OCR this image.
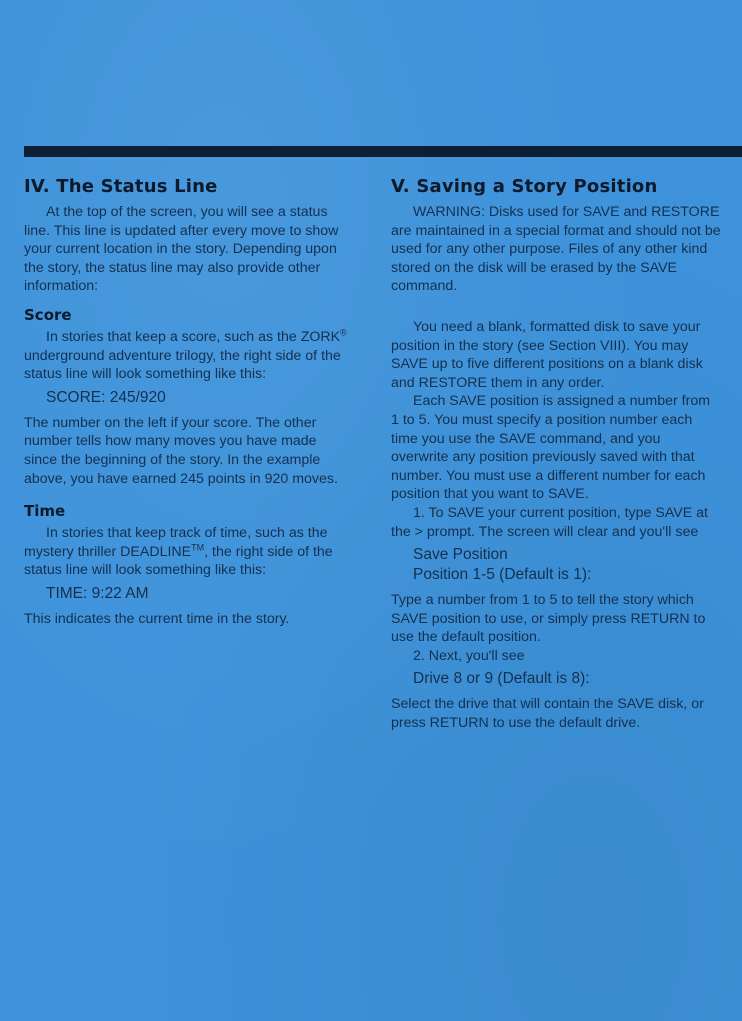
IV. The Status Line

At the top of the screen, you will see a status line. This line is updated after every move to show your current location in the story. Depending upon the story, the status line may also provide other information:

Score

In stories that keep a score, such as the ZORK® underground adventure trilogy, the right side of the status line will look something like this:

SCORE: 245/920

The number on the left if your score. The other number tells how many moves you have made since the beginning of the story. In the example above, you have earned 245 points in 920 moves.

Time

In stories that keep track of time, such as the mystery thriller DEADLINE™, the right side of the status line will look something like this:

TIME: 9:22 AM

This indicates the current time in the story.

V. Saving a Story Position

WARNING: Disks used for SAVE and RESTORE are maintained in a special format and should not be used for any other purpose. Files of any other kind stored on the disk will be erased by the SAVE command.

You need a blank, formatted disk to save your position in the story (see Section VIII). You may SAVE up to five different positions on a blank disk and RESTORE them in any order.

Each SAVE position is assigned a number from 1 to 5. You must specify a position number each time you use the SAVE command, and you overwrite any position previously saved with that number. You must use a different number for each position that you want to SAVE.

1. To SAVE your current position, type SAVE at the > prompt. The screen will clear and you'll see

Save Position
Position 1-5 (Default is 1):

Type a number from 1 to 5 to tell the story which SAVE position to use, or simply press RETURN to use the default position.

2. Next, you'll see

Drive 8 or 9 (Default is 8):

Select the drive that will contain the SAVE disk, or press RETURN to use the default drive.
